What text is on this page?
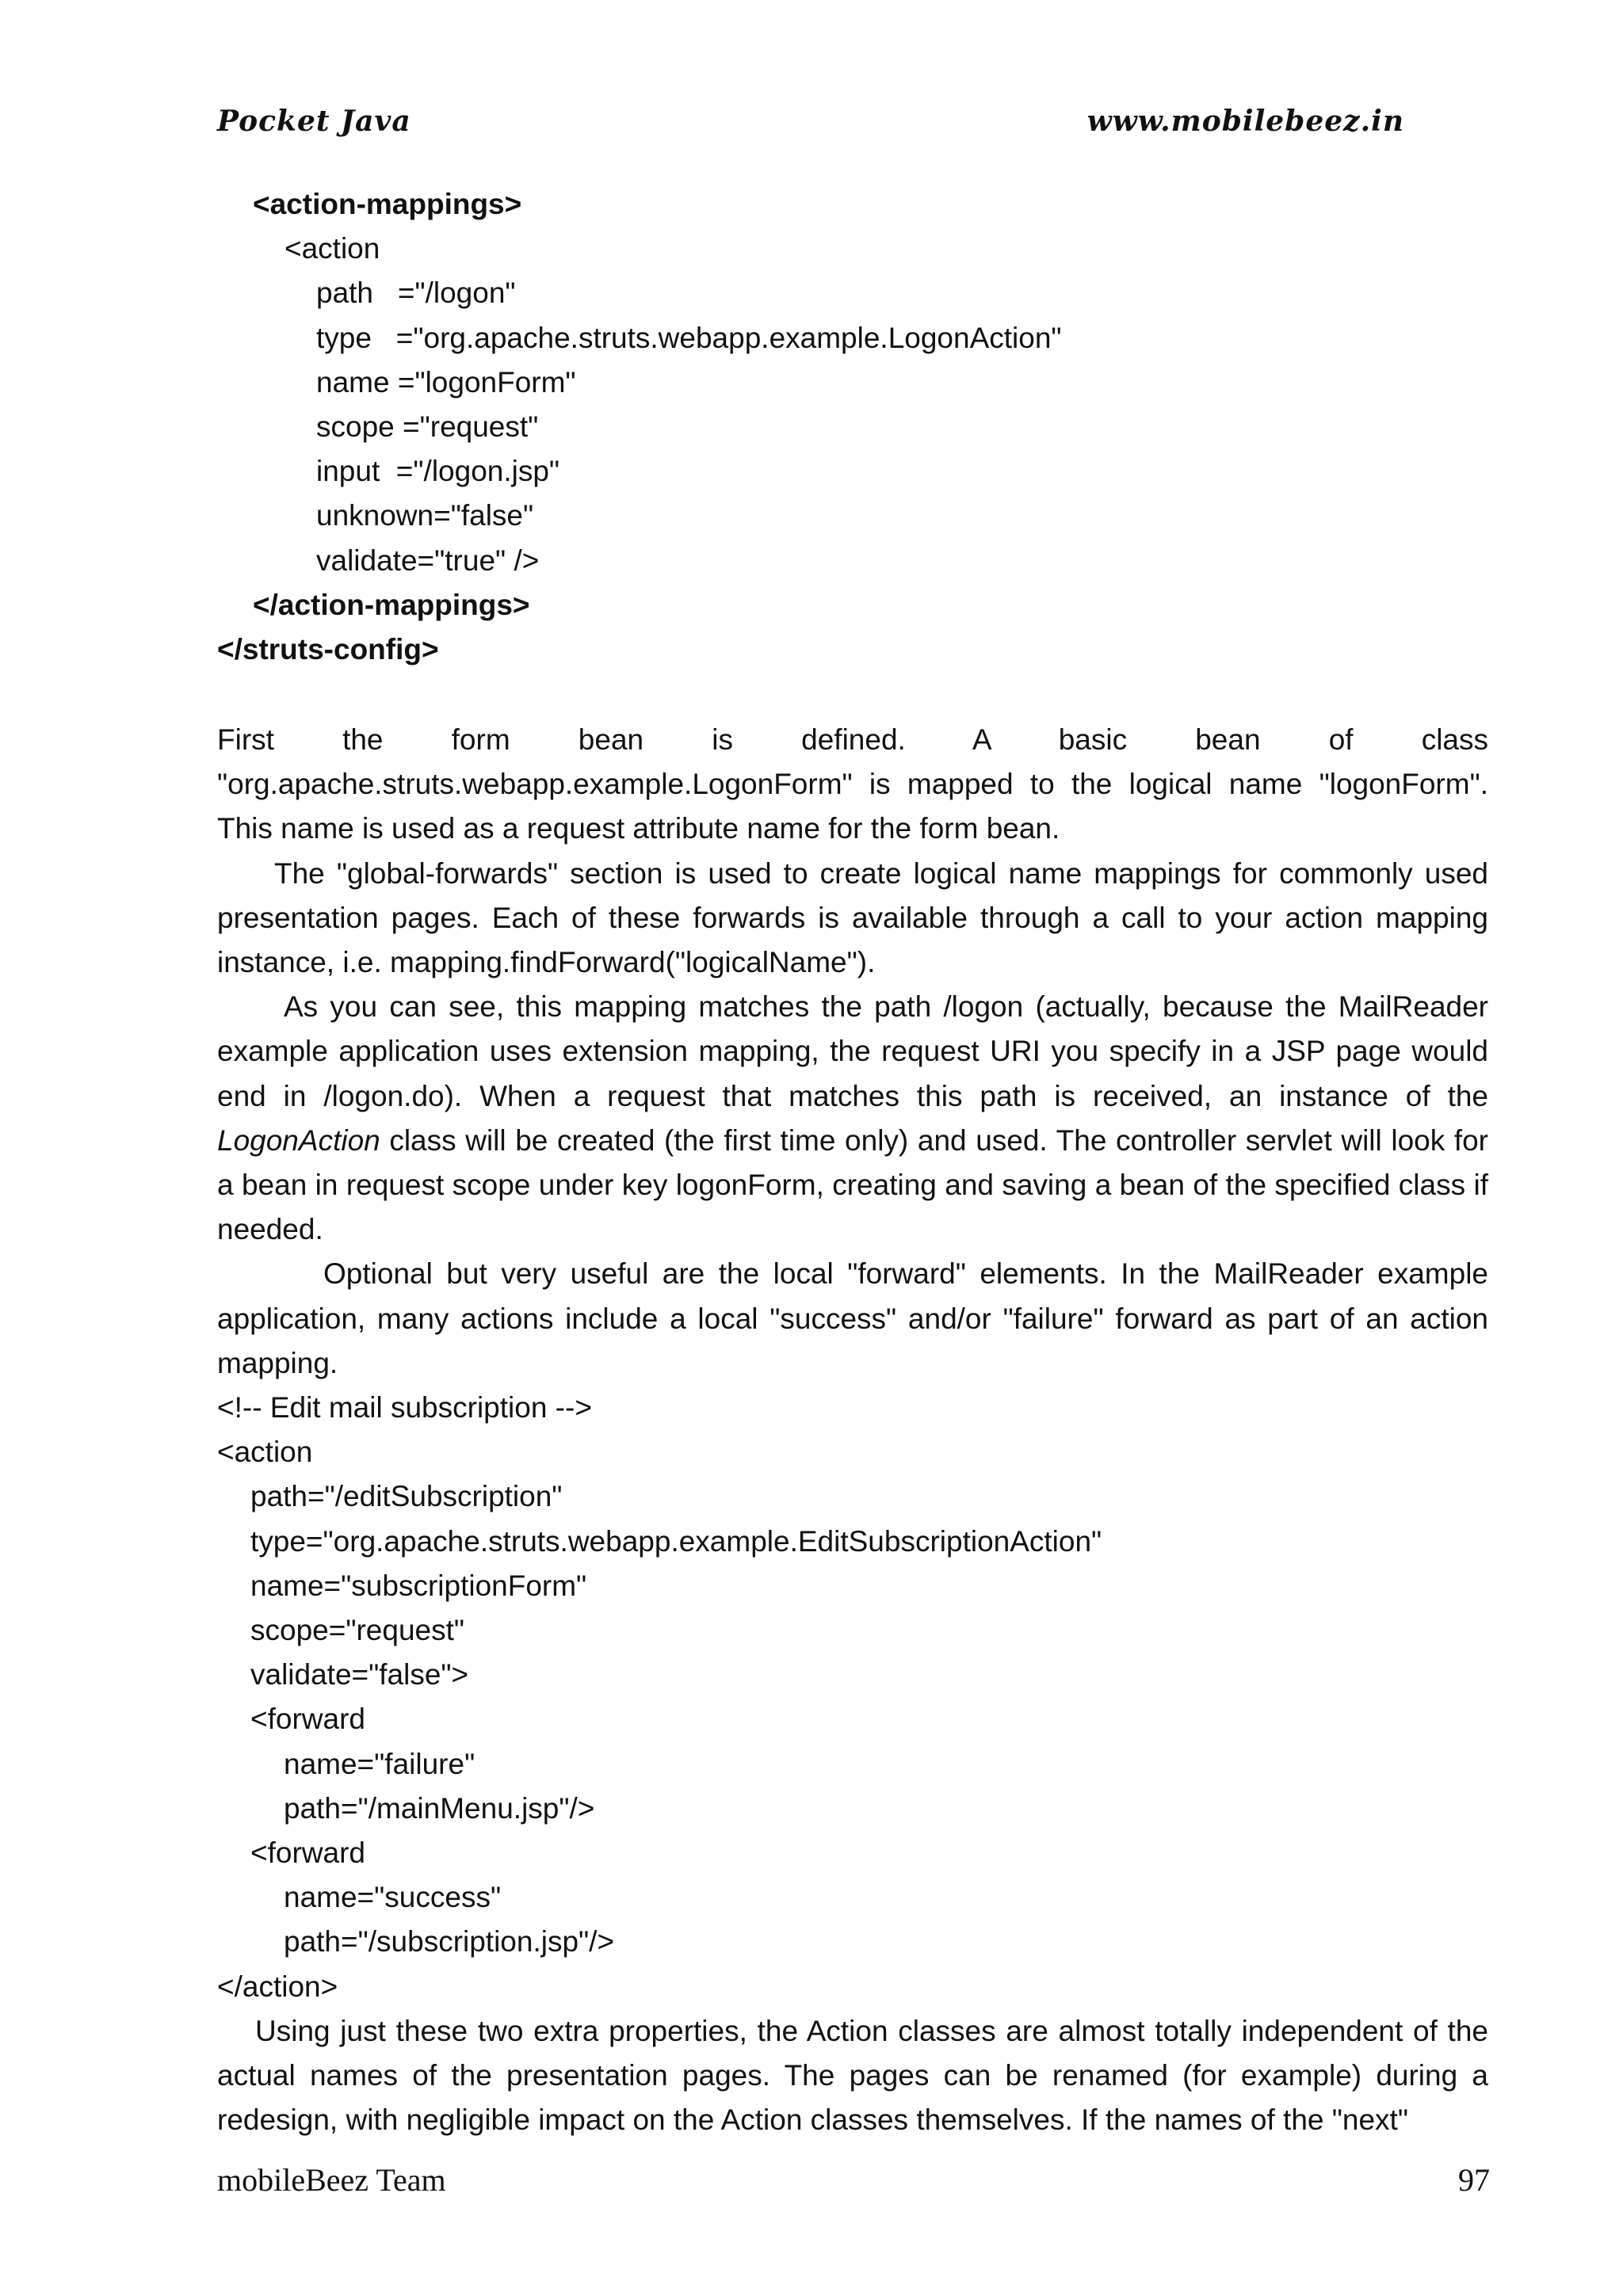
Pocket Java	www.mobilebeez.in
<action-mappings>
<action
path   ="/logon"
type   ="org.apache.struts.webapp.example.LogonAction"
name ="logonForm"
scope ="request"
input  ="/logon.jsp"
unknown="false"
validate="true" />
</action-mappings>
</struts-config>

First the form bean is defined. A basic bean of class "org.apache.struts.webapp.example.LogonForm" is mapped to the logical name "logonForm". This name is used as a request attribute name for the form bean.

The "global-forwards" section is used to create logical name mappings for commonly used presentation pages. Each of these forwards is available through a call to your action mapping instance, i.e. mapping.findForward("logicalName").

As you can see, this mapping matches the path /logon (actually, because the MailReader example application uses extension mapping, the request URI you specify in a JSP page would end in /logon.do). When a request that matches this path is received, an instance of the LogonAction class will be created (the first time only) and used. The controller servlet will look for a bean in request scope under key logonForm, creating and saving a bean of the specified class if needed.

Optional but very useful are the local "forward" elements. In the MailReader example application, many actions include a local "success" and/or "failure" forward as part of an action mapping.

<!-- Edit mail subscription -->

<action

path="/editSubscription"

type="org.apache.struts.webapp.example.EditSubscriptionAction"

name="subscriptionForm"

scope="request"

validate="false">

<forward

name="failure"

path="/mainMenu.jsp"/>

<forward

name="success"

path="/subscription.jsp"/>

</action>

Using just these two extra properties, the Action classes are almost totally independent of the actual names of the presentation pages. The pages can be renamed (for example) during a redesign, with negligible impact on the Action classes themselves. If the names of the "next"

mobileBeez Team	97
